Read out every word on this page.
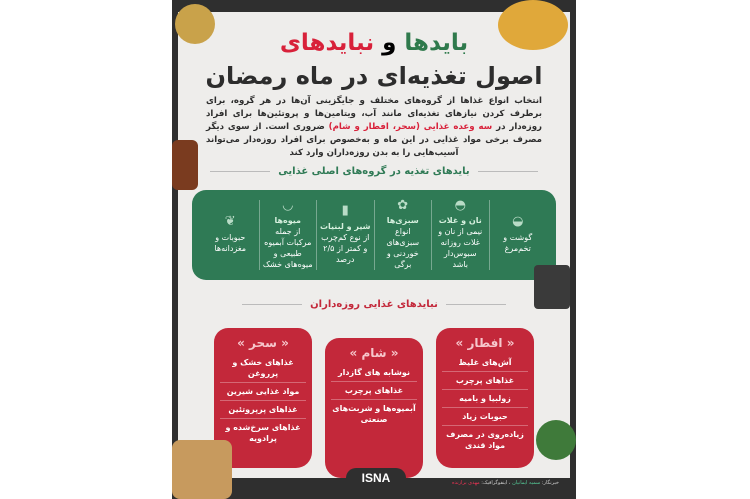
بایدها و نبایدهای
اصول تغذیه‌ای در ماه رمضان
انتخاب انواع غذاها از گروه‌های مختلف و جایگزینی آن‌ها در هر گروه، برای برطرف کردن نیازهای تغذیه‌ای مانند آب، ویتامین‌ها و پروتئین‌ها برای افراد روزه‌دار در سه وعده غذایی (سحر، افطار و شام) ضروری است. از سوی دیگر مصرف برخی مواد غذایی در این ماه و به‌خصوص برای افراد روزه‌دار می‌تواند آسیب‌هایی را به بدن روزه‌داران وارد کند
بایدهای تغذیه در گروه‌های اصلی غذایی
◒
گوشت و تخم‌مرغ
◓
نان و غلات
نیمی از نان و غلات روزانه سبوس‌دار باشد
✿
سبزی‌ها
انواع سبزی‌های خوردنی و برگی
▮
شیر و لبنیات
از نوع کم‌چرب و کمتر از ۲/۵ درصد
◡
میوه‌ها
از جمله مرکبات آبمیوه طبیعی و میوه‌های خشک
❦
حبوبات و مغزدانه‌ها
نبایدهای غذایی روزه‌داران
« افطار »
آش‌های غلیظ
غذاهای پرچرب
زولبیا و بامیه
حبوبات زیاد
زیاده‌روی در مصرف مواد قندی
« شام »
نوشابه های گازدار
غذاهای پرچرب
آبمیوه‌ها و شربت‌های صنعتی
« سحر »
غذاهای خشک و پرروغن
مواد غذایی شیرین
غذاهای پرپروتئین
غذاهای سرخ‌شده و پرادویه
ISNA	خبرنگار: سمیه ایمانیان ، اینفوگرافیک: مهدی برازنده
